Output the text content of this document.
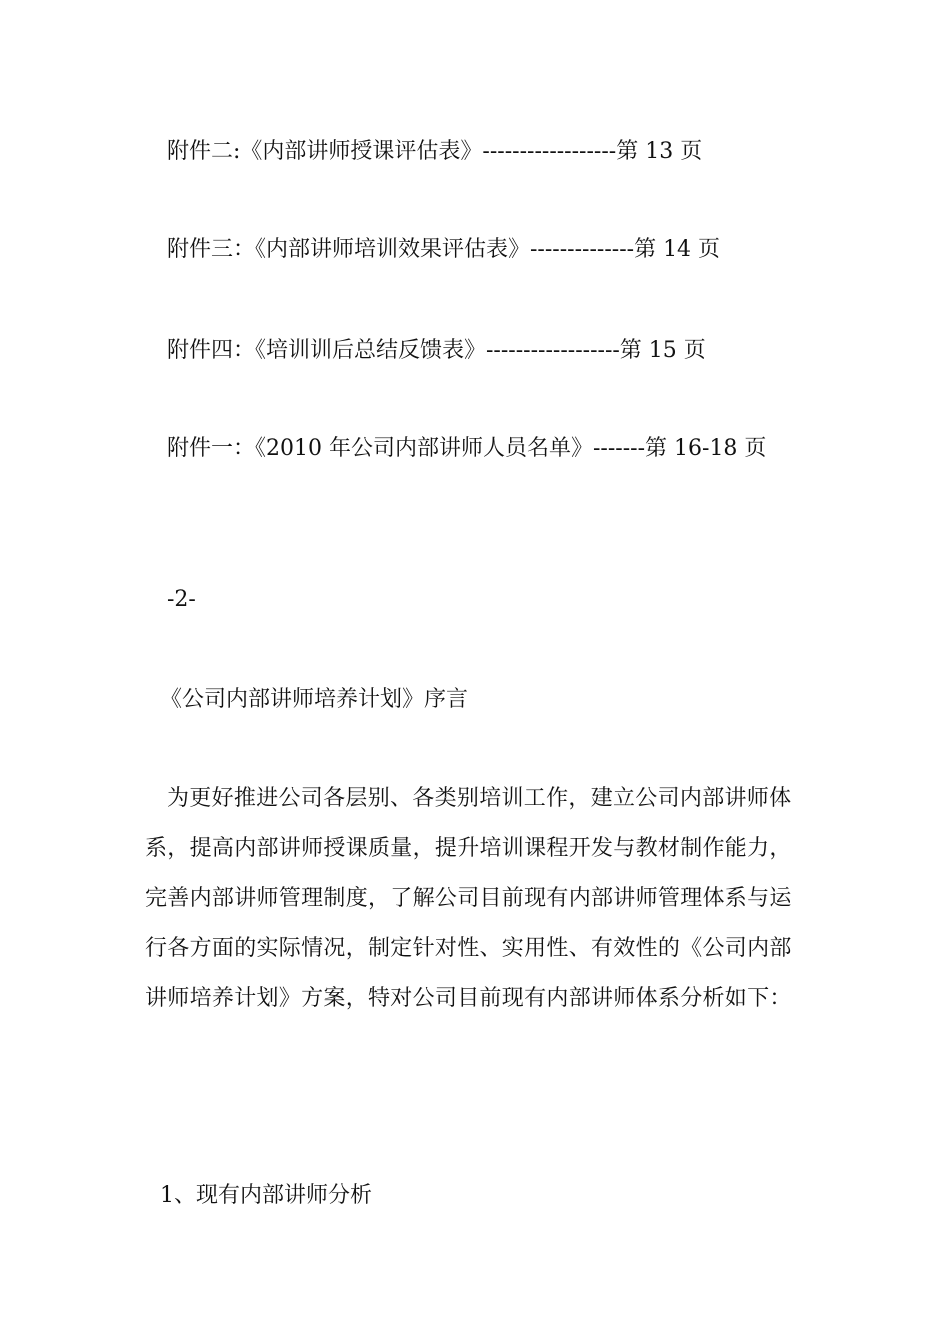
附件二:《内部讲师授课评估表》------------------第 13 页
附件三：《内部讲师培训效果评估表》--------------第 14 页
附件四：《培训训后总结反馈表》------------------第 15 页
附件一：《2010 年公司内部讲师人员名单》-------第 16-18 页
-2-
《公司内部讲师培养计划》序言
为更好推进公司各层别、各类别培训工作，建立公司内部讲师体
系，提高内部讲师授课质量，提升培训课程开发与教材制作能力，
完善内部讲师管理制度，了解公司目前现有内部讲师管理体系与运
行各方面的实际情况，制定针对性、实用性、有效性的《公司内部
讲师培养计划》方案，特对公司目前现有内部讲师体系分析如下：
1、现有内部讲师分析
